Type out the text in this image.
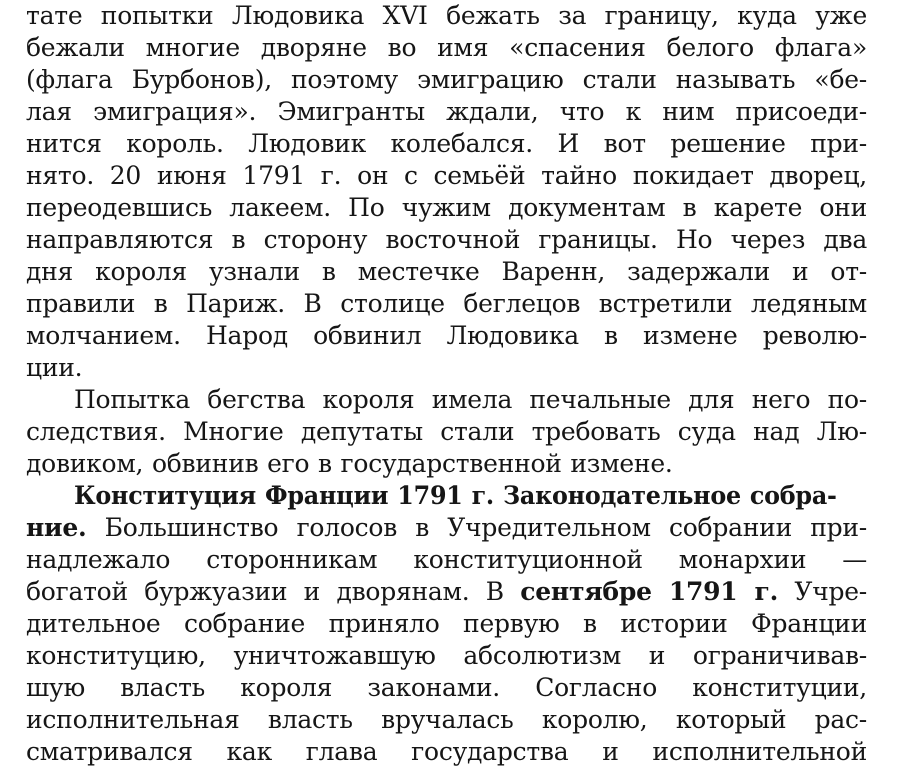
тате попытки Людовика XVI бежать за границу, куда уже
бежали многие дворяне во имя «спасения белого флага»
(флага Бурбонов), поэтому эмиграцию стали называть «бе-
лая эмиграция». Эмигранты ждали, что к ним присоеди-
нится король. Людовик колебался. И вот решение при-
нято. 20 июня 1791 г. он с семьёй тайно покидает дворец,
переодевшись лакеем. По чужим документам в карете они
направляются в сторону восточной границы. Но через два
дня короля узнали в местечке Варенн, задержали и от-
правили в Париж. В столице беглецов встретили ледяным
молчанием. Народ обвинил Людовика в измене револю-
ции.
Попытка бегства короля имела печальные для него по-
следствия. Многие депутаты стали требовать суда над Лю-
довиком, обвинив его в государственной измене.
Конституция Франции 1791 г. Законодательное собра-
ние. Большинство голосов в Учредительном собрании при-
надлежало сторонникам конституционной монархии —
богатой буржуазии и дворянам. В сентябре 1791 г. Учре-
дительное собрание приняло первую в истории Франции
конституцию, уничтожавшую абсолютизм и ограничивав-
шую власть короля законами. Согласно конституции,
исполнительная власть вручалась королю, который рас-
сматривался как глава государства и исполнительной
